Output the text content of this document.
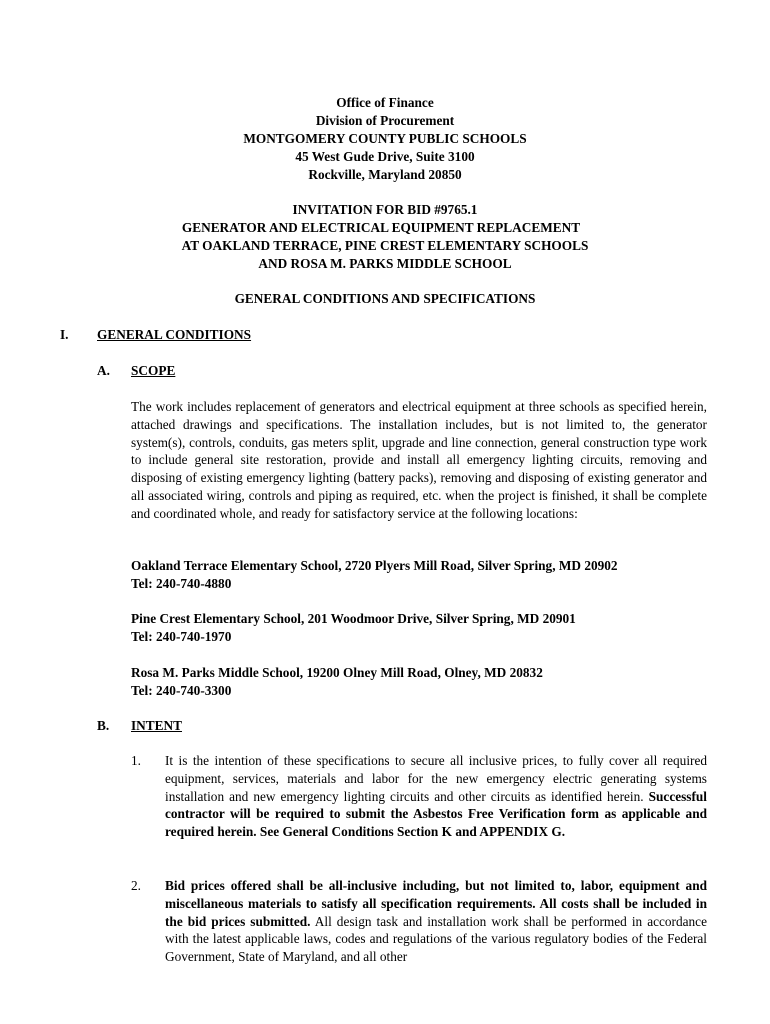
Office of Finance
Division of Procurement
MONTGOMERY COUNTY PUBLIC SCHOOLS
45 West Gude Drive, Suite 3100
Rockville, Maryland 20850
INVITATION FOR BID #9765.1
GENERATOR AND ELECTRICAL EQUIPMENT REPLACEMENT
AT OAKLAND TERRACE, PINE CREST ELEMENTARY SCHOOLS
AND ROSA M. PARKS MIDDLE SCHOOL
GENERAL CONDITIONS AND SPECIFICATIONS
I. GENERAL CONDITIONS
A. SCOPE
The work includes replacement of generators and electrical equipment at three schools as specified herein, attached drawings and specifications. The installation includes, but is not limited to, the generator system(s), controls, conduits, gas meters split, upgrade and line connection, general construction type work to include general site restoration, provide and install all emergency lighting circuits, removing and disposing of existing emergency lighting (battery packs), removing and disposing of existing generator and all associated wiring, controls and piping as required, etc. when the project is finished, it shall be complete and coordinated whole, and ready for satisfactory service at the following locations:
Oakland Terrace Elementary School, 2720 Plyers Mill Road, Silver Spring, MD 20902
Tel: 240-740-4880
Pine Crest Elementary School, 201 Woodmoor Drive, Silver Spring, MD 20901
Tel: 240-740-1970
Rosa M. Parks Middle School, 19200 Olney Mill Road, Olney, MD 20832
Tel: 240-740-3300
B. INTENT
1. It is the intention of these specifications to secure all inclusive prices, to fully cover all required equipment, services, materials and labor for the new emergency electric generating systems installation and new emergency lighting circuits and other circuits as identified herein. Successful contractor will be required to submit the Asbestos Free Verification form as applicable and required herein. See General Conditions Section K and APPENDIX G.
2. Bid prices offered shall be all-inclusive including, but not limited to, labor, equipment and miscellaneous materials to satisfy all specification requirements. All costs shall be included in the bid prices submitted. All design task and installation work shall be performed in accordance with the latest applicable laws, codes and regulations of the various regulatory bodies of the Federal Government, State of Maryland, and all other
